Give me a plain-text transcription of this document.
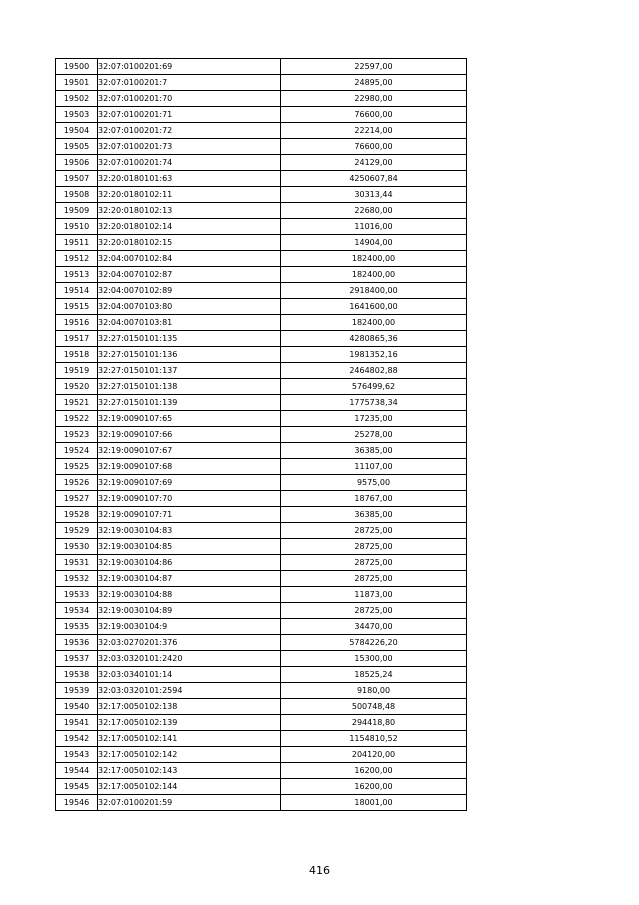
19500	32:07:0100201:69	22597,00
19501	32:07:0100201:7	24895,00
19502	32:07:0100201:70	22980,00
19503	32:07:0100201:71	76600,00
19504	32:07:0100201:72	22214,00
19505	32:07:0100201:73	76600,00
19506	32:07:0100201:74	24129,00
19507	32:20:0180101:63	4250607,84
19508	32:20:0180102:11	30313,44
19509	32:20:0180102:13	22680,00
19510	32:20:0180102:14	11016,00
19511	32:20:0180102:15	14904,00
19512	32:04:0070102:84	182400,00
19513	32:04:0070102:87	182400,00
19514	32:04:0070102:89	2918400,00
19515	32:04:0070103:80	1641600,00
19516	32:04:0070103:81	182400,00
19517	32:27:0150101:135	4280865,36
19518	32:27:0150101:136	1981352,16
19519	32:27:0150101:137	2464802,88
19520	32:27:0150101:138	576499,62
19521	32:27:0150101:139	1775738,34
19522	32:19:0090107:65	17235,00
19523	32:19:0090107:66	25278,00
19524	32:19:0090107:67	36385,00
19525	32:19:0090107:68	11107,00
19526	32:19:0090107:69	9575,00
19527	32:19:0090107:70	18767,00
19528	32:19:0090107:71	36385,00
19529	32:19:0030104:83	28725,00
19530	32:19:0030104:85	28725,00
19531	32:19:0030104:86	28725,00
19532	32:19:0030104:87	28725,00
19533	32:19:0030104:88	11873,00
19534	32:19:0030104:89	28725,00
19535	32:19:0030104:9	34470,00
19536	32:03:0270201:376	5784226,20
19537	32:03:0320101:2420	15300,00
19538	32:03:0340101:14	18525,24
19539	32:03:0320101:2594	9180,00
19540	32:17:0050102:138	500748,48
19541	32:17:0050102:139	294418,80
19542	32:17:0050102:141	1154810,52
19543	32:17:0050102:142	204120,00
19544	32:17:0050102:143	16200,00
19545	32:17:0050102:144	16200,00
19546	32:07:0100201:59	18001,00
416
